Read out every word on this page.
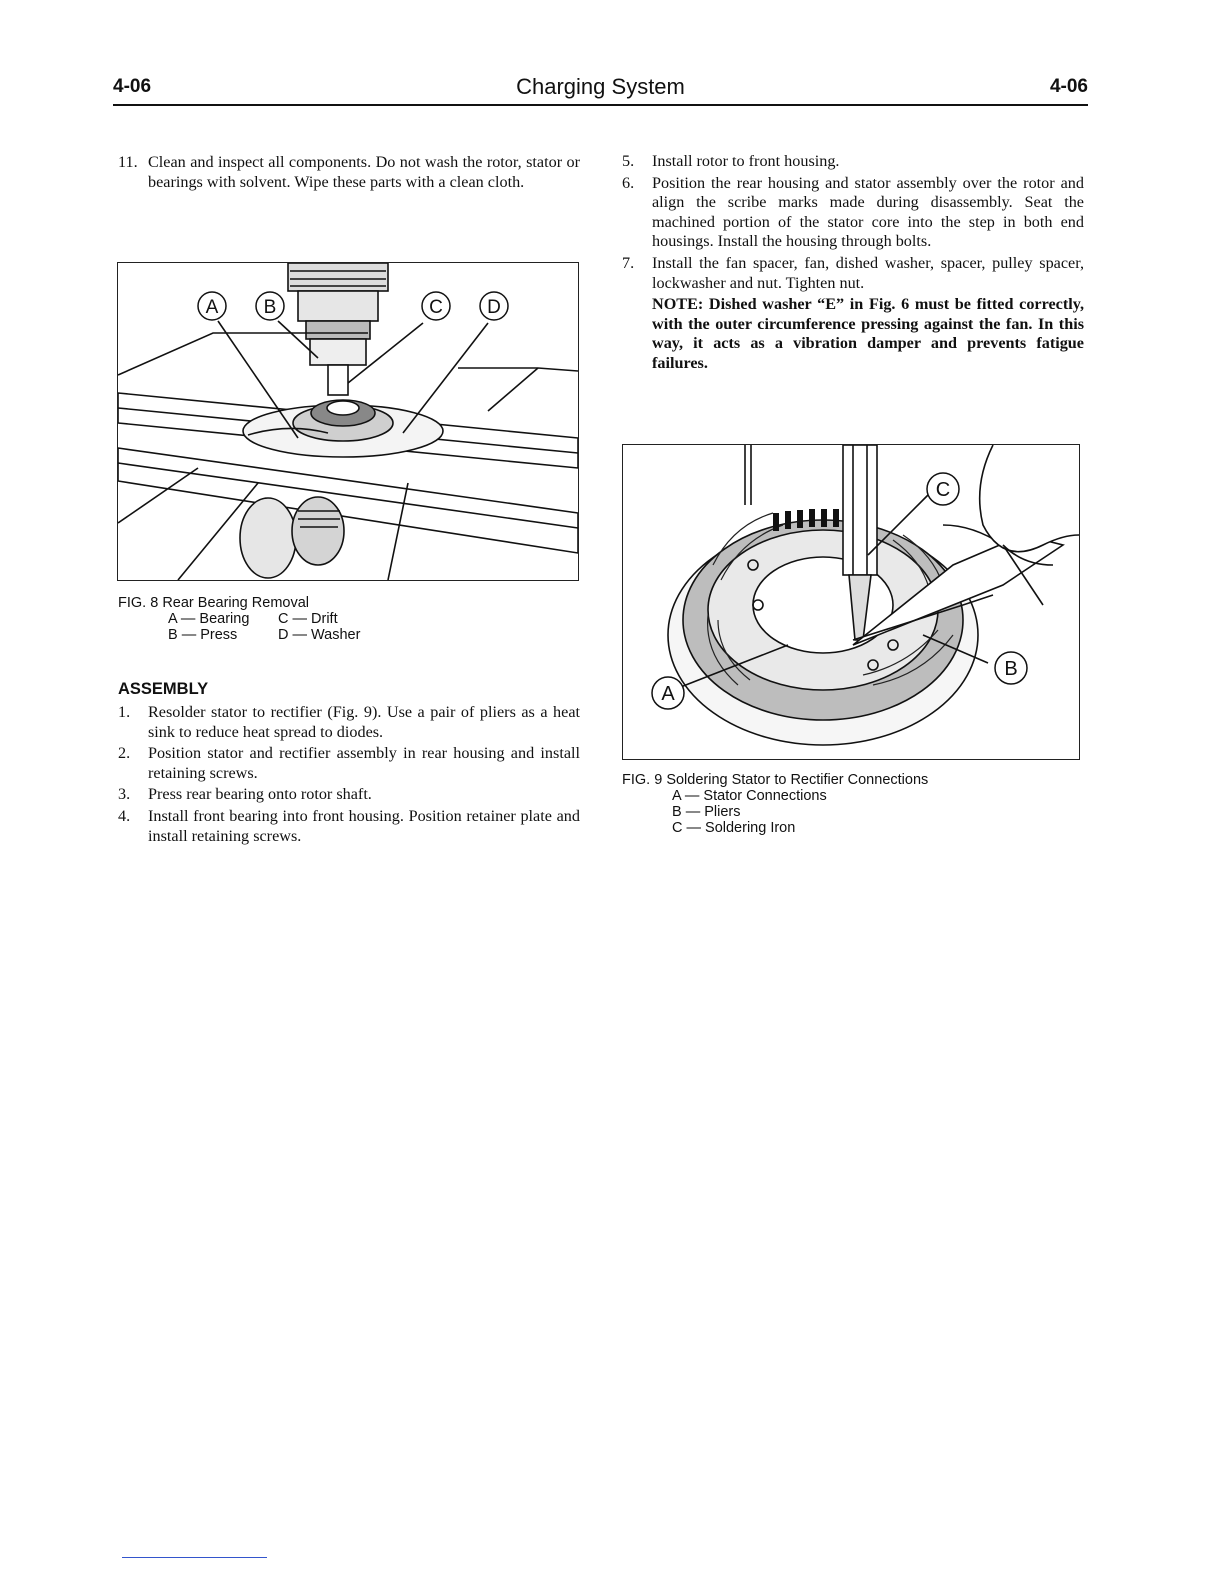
4-06	Charging System	4-06
11. Clean and inspect all components. Do not wash the rotor, stator or bearings with solvent. Wipe these parts with a clean cloth.
A B	C D
FIG. 8 Rear Bearing Removal
A — Bearing C — Drift
B — Press	D — Washer
ASSEMBLY
1. Resolder stator to rectifier (Fig. 9). Use a pair of pliers as a heat sink to reduce heat spread to diodes.
2. Position stator and rectifier assembly in rear housing and install retaining screws.
3. Press rear bearing onto rotor shaft.
4. Install front bearing into front housing. Position retainer plate and install retaining screws.
5. Install rotor to front housing.
6. Position the rear housing and stator assembly over the rotor and align the scribe marks made during disassembly. Seat the machined portion of the stator core into the step in both end housings. Install the housing through bolts.
7. Install the fan spacer, fan, dished washer, spacer, pulley spacer, lockwasher and nut. Tighten nut.
NOTE: Dished washer “E” in Fig. 6 must be fitted correctly, with the outer circumference pressing against the fan. In this way, it acts as a vibration damper and prevents fatigue failures.
C
B
A
FIG. 9 Soldering Stator to Rectifier Connections
A — Stator Connections
B — Pliers
C — Soldering Iron
